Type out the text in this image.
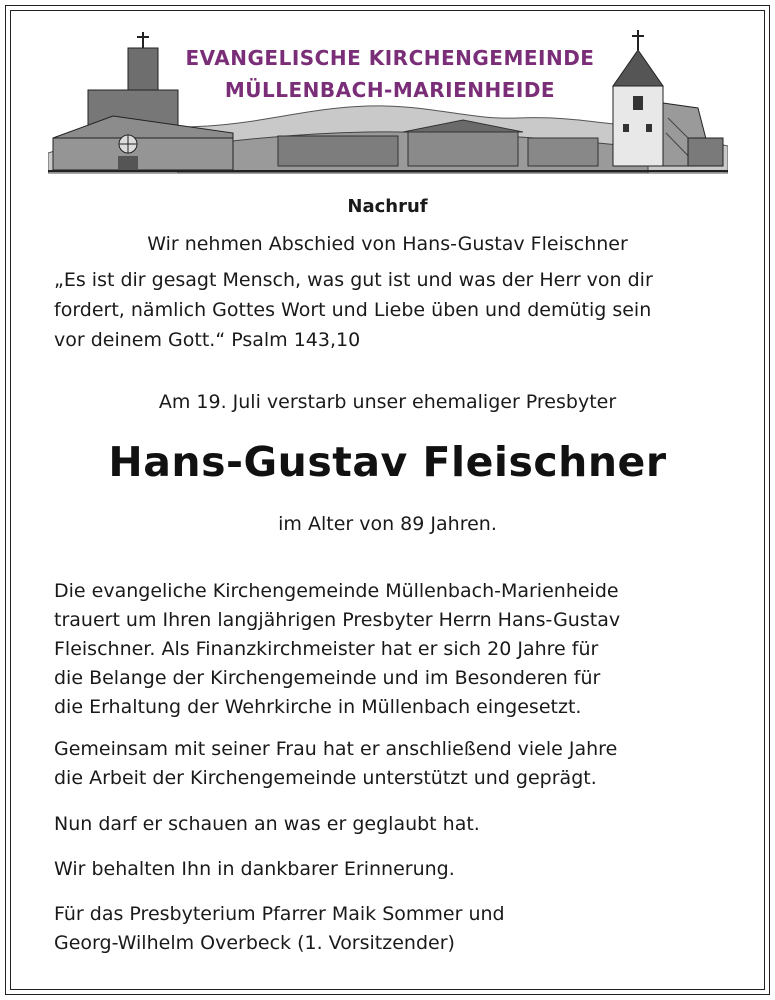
EVANGELISCHE KIRCHENGEMEINDE
MÜLLENBACH-MARIENHEIDE
Nachruf
Wir nehmen Abschied von Hans-Gustav Fleischner
„Es ist dir gesagt Mensch, was gut ist und was der Herr von dir
fordert, nämlich Gottes Wort und Liebe üben und demütig sein
vor deinem Gott.“ Psalm 143,10
Am 19. Juli verstarb unser ehemaliger Presbyter
Hans-Gustav Fleischner
im Alter von 89 Jahren.
Die evangeliche Kirchengemeinde Müllenbach-Marienheide
trauert um Ihren langjährigen Presbyter Herrn Hans-Gustav
Fleischner. Als Finanzkirchmeister hat er sich 20 Jahre für
die Belange der Kirchengemeinde und im Besonderen für
die Erhaltung der Wehrkirche in Müllenbach eingesetzt.
Gemeinsam mit seiner Frau hat er anschließend viele Jahre
die Arbeit der Kirchengemeinde unterstützt und geprägt.
Nun darf er schauen an was er geglaubt hat.
Wir behalten Ihn in dankbarer Erinnerung.
Für das Presbyterium Pfarrer Maik Sommer und
Georg-Wilhelm Overbeck (1. Vorsitzender)
